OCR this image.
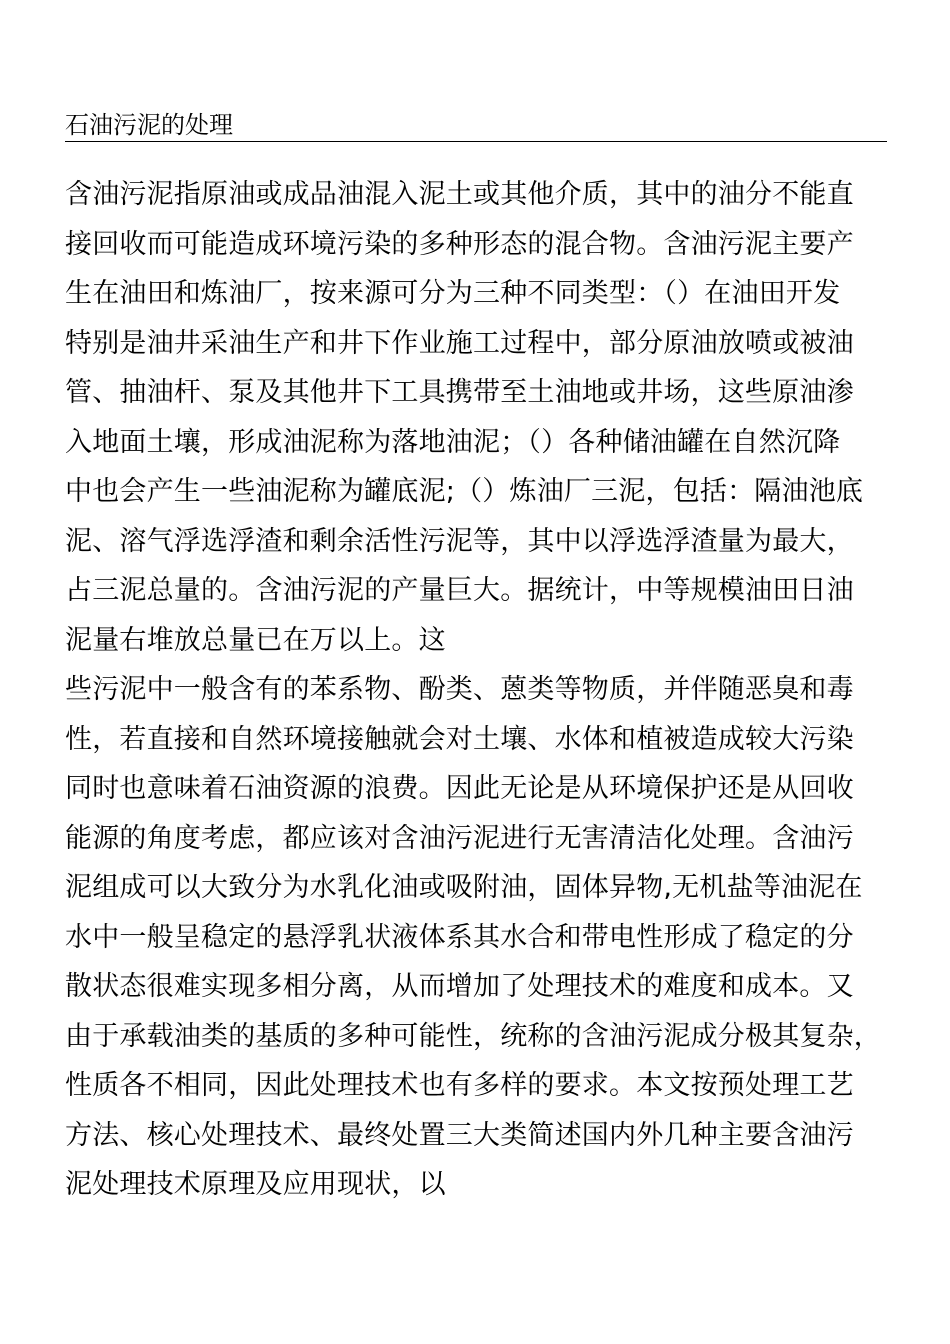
石油污泥的处理
含油污泥指原油或成品油混入泥土或其他介质，其中的油分不能直
接回收而可能造成环境污染的多种形态的混合物。含油污泥主要产
生在油田和炼油厂，按来源可分为三种不同类型：（）在油田开发
特别是油井采油生产和井下作业施工过程中，部分原油放喷或被油
管、抽油杆、泵及其他井下工具携带至土油地或井场，这些原油渗
入地面土壤，形成油泥称为落地油泥；（）各种储油罐在自然沉降
中也会产生一些油泥称为罐底泥;（）炼油厂三泥，包括：隔油池底
泥、溶气浮选浮渣和剩余活性污泥等，其中以浮选浮渣量为最大，
占三泥总量的。含油污泥的产量巨大。据统计，中等规模油田日油
泥量右堆放总量已在万以上。这
些污泥中一般含有的苯系物、酚类、蒽类等物质，并伴随恶臭和毒
性，若直接和自然环境接触就会对土壤、水体和植被造成较大污染
同时也意味着石油资源的浪费。因此无论是从环境保护还是从回收
能源的角度考虑，都应该对含油污泥进行无害清洁化处理。含油污
泥组成可以大致分为水乳化油或吸附油，固体异物,无机盐等油泥在
水中一般呈稳定的悬浮乳状液体系其水合和带电性形成了稳定的分
散状态很难实现多相分离，从而增加了处理技术的难度和成本。又
由于承载油类的基质的多种可能性，统称的含油污泥成分极其复杂，
性质各不相同，因此处理技术也有多样的要求。本文按预处理工艺
方法、核心处理技术、最终处置三大类简述国内外几种主要含油污
泥处理技术原理及应用现状，以
